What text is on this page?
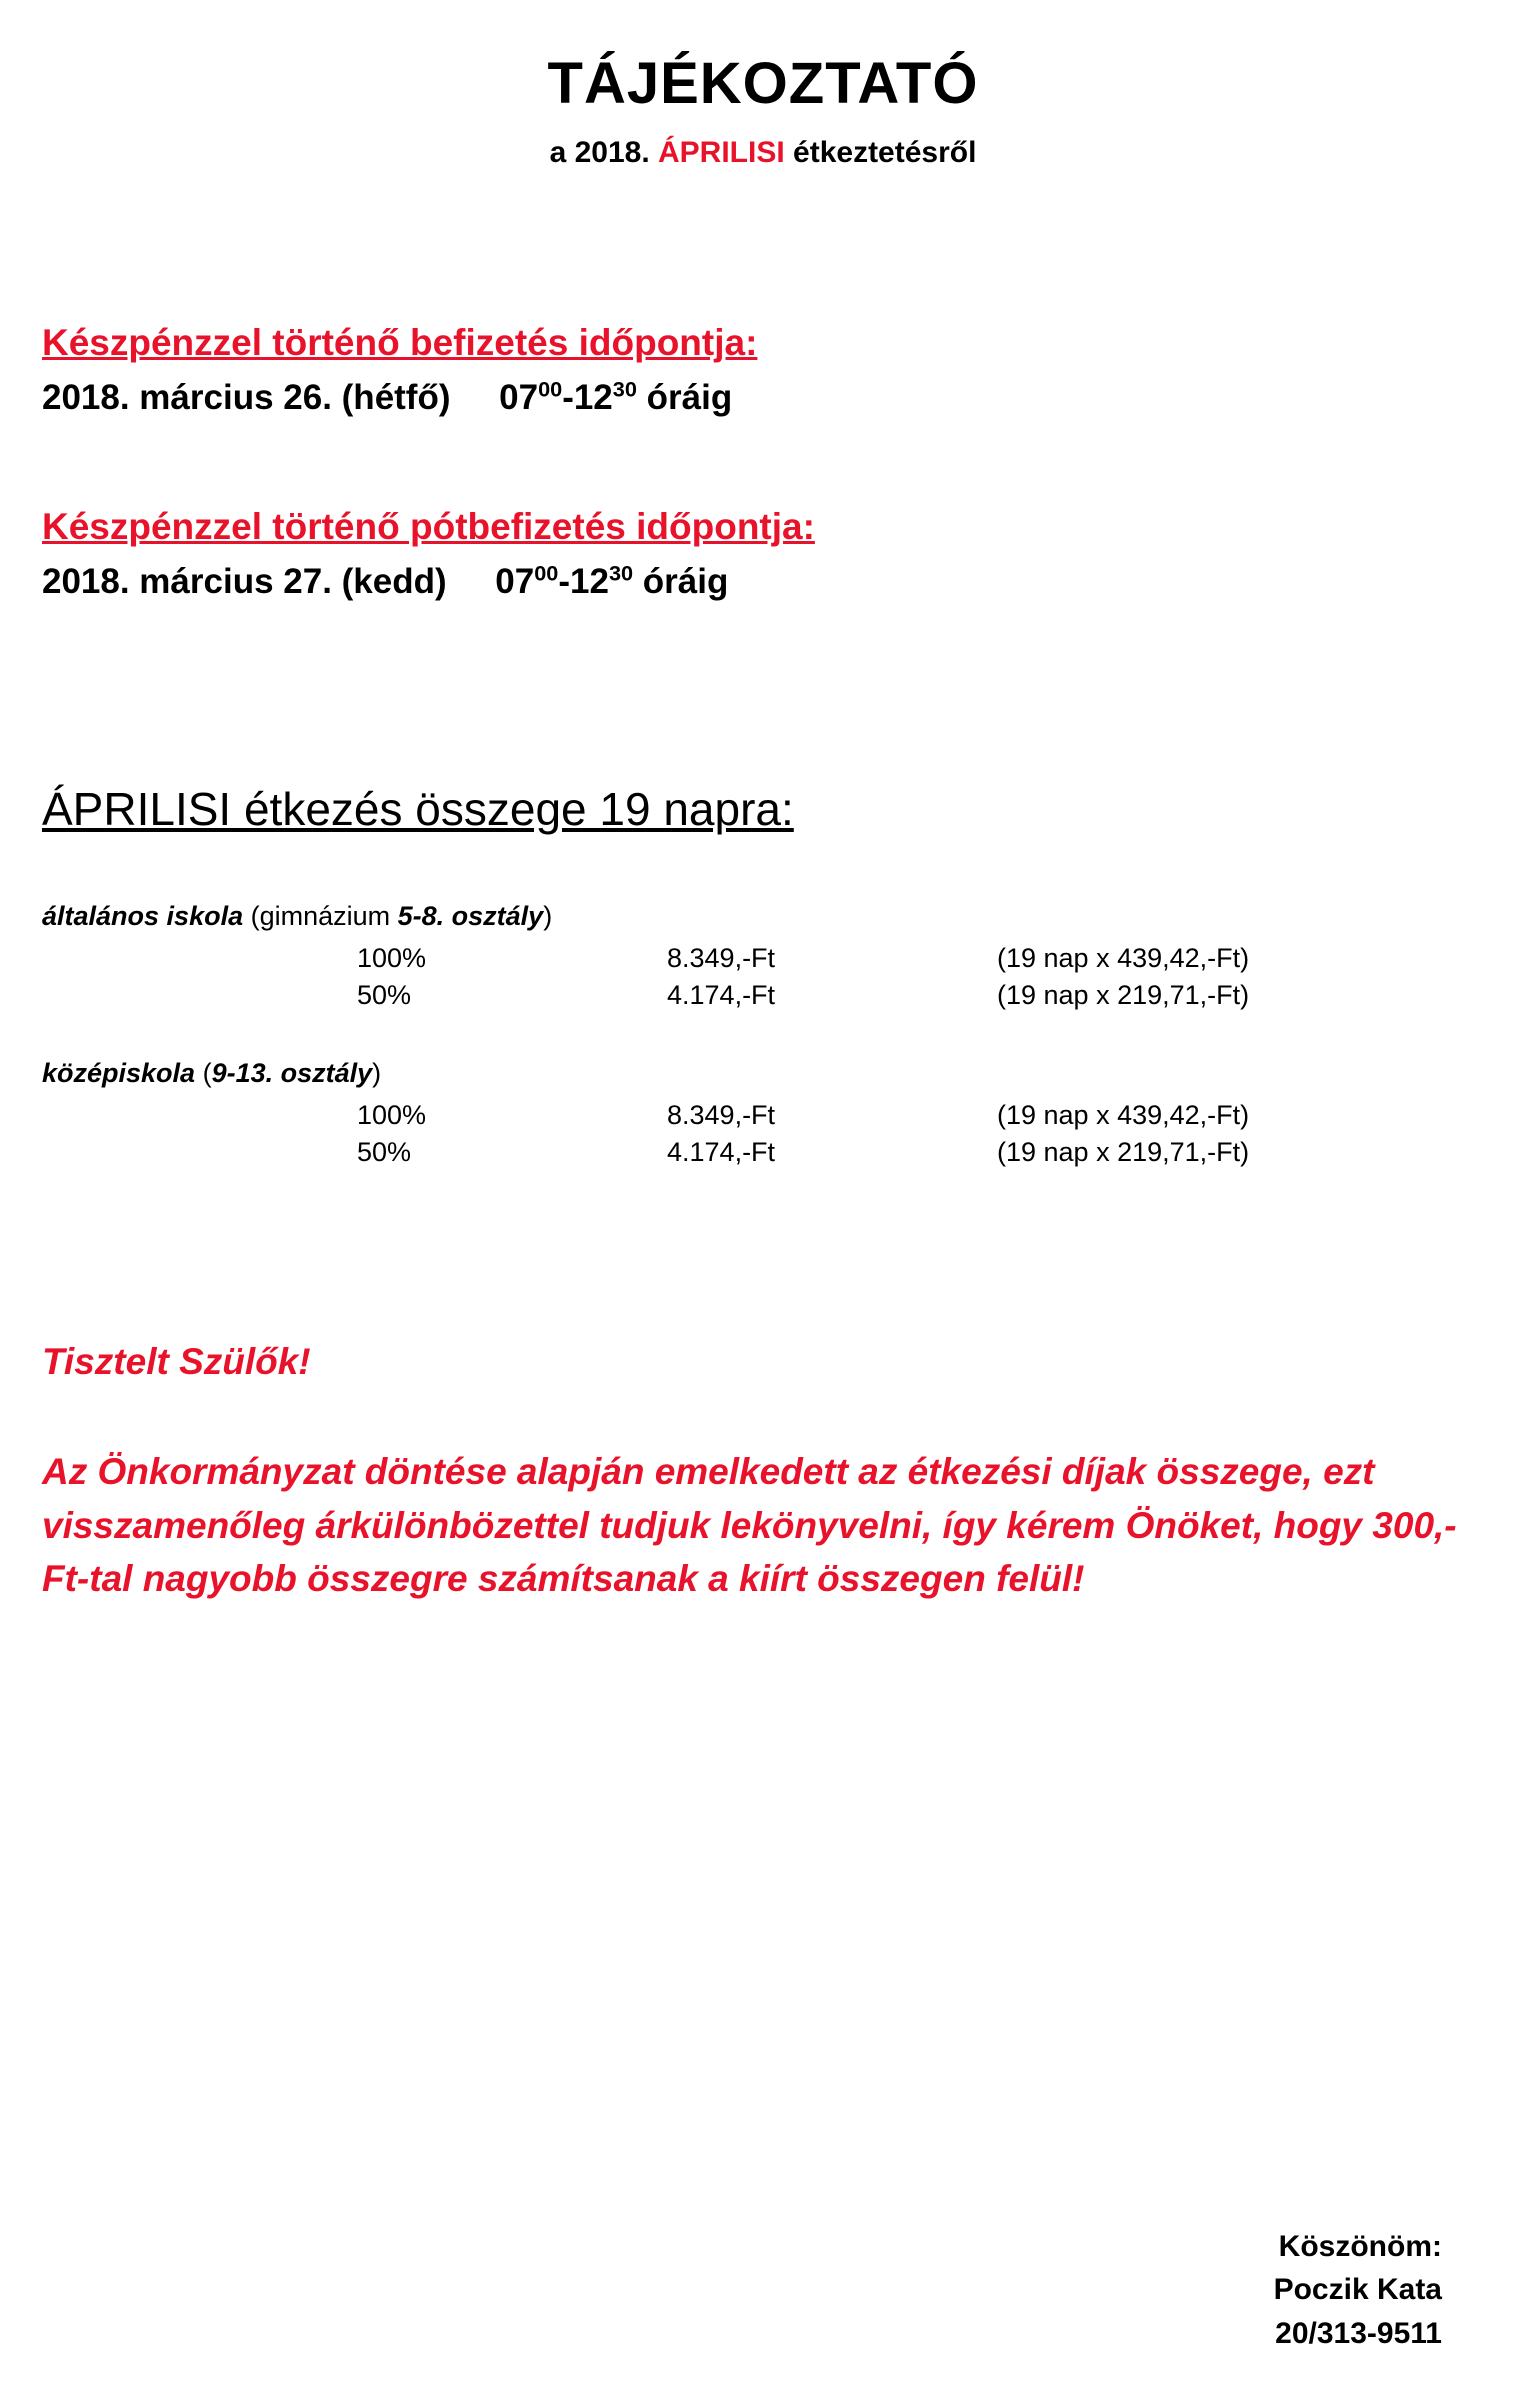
TÁJÉKOZTATÓ

a 2018. ÁPRILISI étkeztetésről

Készpénzzel történő befizetés időpontja:

2018. március 26. (hétfő)     $07^{00}-12^{30}$ óráig

Készpénzzel történő pótbefizetés időpontja:

2018. március 27. (kedd)     $07^{00}-12^{30}$ óráig

ÁPRILISI étkezés összege 19 napra:

általános iskola (gimnázium 5-8. osztály)

100%	8.349,-Ft	(19 nap x 439,42,-Ft)
50%	4.174,-Ft	(19 nap x 219,71,-Ft)

középiskola (9-13. osztály)

100%	8.349,-Ft	(19 nap x 439,42,-Ft)
50%	4.174,-Ft	(19 nap x 219,71,-Ft)

Tisztelt Szülők!

Az Önkormányzat döntése alapján emelkedett az étkezési díjak összege, ezt visszamenőleg árkülönbözettel tudjuk lekönyvelni, így kérem Önöket, hogy 300,- Ft-tal nagyobb összegre számítsanak a kiírt összegen felül!

Köszönöm:
Poczik Kata
20/313-9511
